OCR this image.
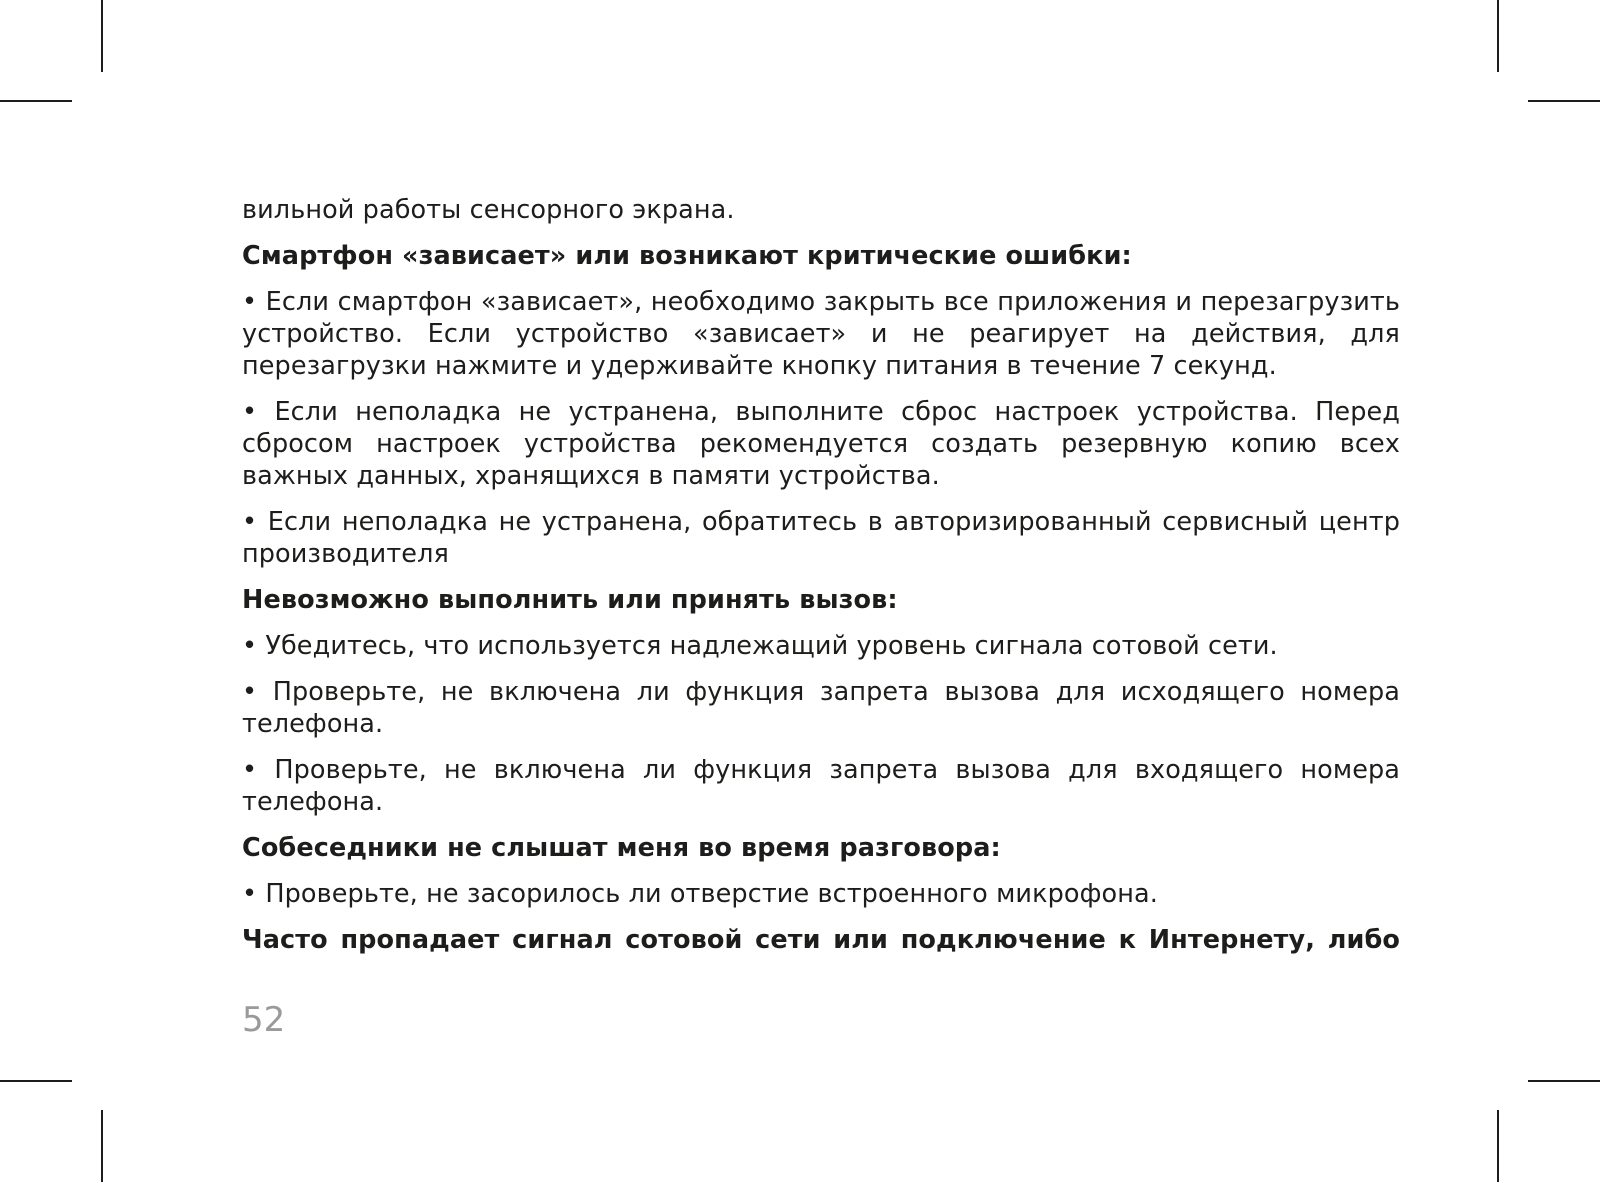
вильной работы сенсорного экрана.

Смартфон «зависает» или возникают критические ошибки:

• Если смартфон «зависает», необходимо закрыть все приложения и перезагрузить устройство. Если устройство «зависает» и не реагирует на действия, для перезагрузки нажмите и удерживайте кнопку питания в течение 7 секунд.

• Если неполадка не устранена, выполните сброс настроек устройства. Перед сбросом настроек устройства рекомендуется создать резервную копию всех важных данных, хранящихся в памяти устройства.

• Если неполадка не устранена, обратитесь в авторизированный сервисный центр производителя

Невозможно выполнить или принять вызов:

• Убедитесь, что используется надлежащий уровень сигнала сотовой сети.

• Проверьте, не включена ли функция запрета вызова для исходящего номера телефона.

• Проверьте, не включена ли функция запрета вызова для входящего номера телефона.

Собеседники не слышат меня во время разговора:

• Проверьте, не засорилось ли отверстие встроенного микрофона.

Часто пропадает сигнал сотовой сети или подключение к Интернету, либо

52
